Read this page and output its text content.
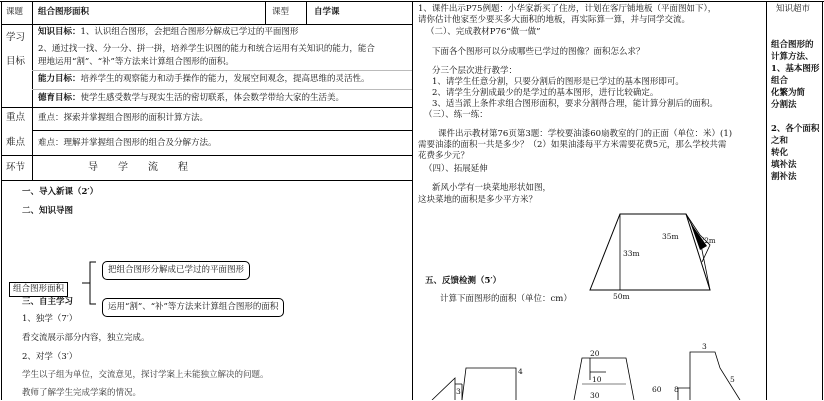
课题 组合图形面积	课型	自学课
学习
目标
知识目标：1、认识组合图形，会把组合图形分解成已学过的平面图形
2、通过找一找、分一分、拼一拼，培养学生识图的能力和统合运用有关知识的能力，能合
理地运用“割”、“补”等方法来计算组合图形的面积。
能力目标：培养学生的观察能力和动手操作的能力，发展空间观念，提高思维的灵活性。
德育目标：使学生感受数学与现实生活的密切联系，体会数学带给大家的生活美。
重点
难点
重点：探索并掌握组合图形的面积计算方法。
难点：理解并掌握组合图形的组合及分解方法。
环节	导　　学　　流　　程
一、导入新课（2′）
二、知识导图
组合图形面积
把组合图形分解成已学过的平面图形
运用“割”、“补”等方法来计算组合图形的面积
三、自主学习
1、独学（7′）
看交流展示部分内容，独立完成。
2、对学（3′）
学生以子组为单位，交流意见，探讨学案上未能独立解决的问题。
教师了解学生完成学案的情况。
4
3
1、课件出示P75例题：小华家新买了住房，计划在客厅铺地板（平面图如下），
请你估计他家至少要买多大面积的地板，再实际算一算，并与同学交流。
（二）、完成教材P76“做一做”
下面各个图形可以分成哪些已学过的图像？面积怎么求？
分三个层次进行教学：
1、请学生任意分割，只要分割后的图形是已学过的基本图形即可。
2、请学生分割成最少的是学过的基本图形，进行比较确定。
3、适当派上条件求组合图形面积，要求分割得合理，能计算分割后的面积。
（三）、练一练：
课件出示教材第76页第3题：学校要油漆60扇教室的门的正面（单位：米）(1)
需要油漆的面积一共是多少？（2）如果油漆每平方米需要花费5元，那么学校共需
花费多少元？
（四）、拓展延伸
新风小学有一块菜地形状如图，
这块菜地的面积是多少平方米？
35m
33m
50m
√2m
五、反馈检测（5′）
计算下面图形的面积（单位：cm）
20
10
30
3
60 8
5
知识超市
组合图形的
计算方法、
1、基本图形
组合
化繁为简
分割法
2、各个面积
之和
转化
填补法
割补法
